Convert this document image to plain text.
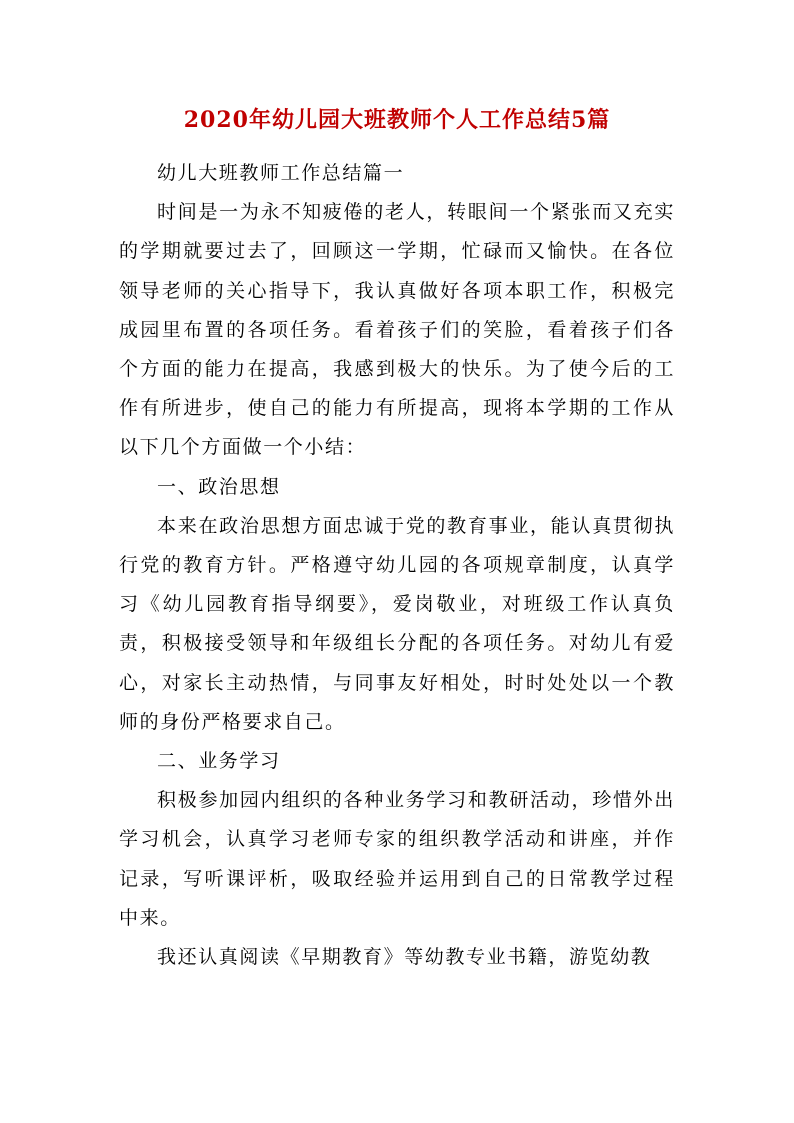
2020年幼儿园大班教师个人工作总结5篇

幼儿大班教师工作总结篇一

时间是一为永不知疲倦的老人，转眼间一个紧张而又充实的学期就要过去了，回顾这一学期，忙碌而又愉快。在各位领导老师的关心指导下，我认真做好各项本职工作，积极完成园里布置的各项任务。看着孩子们的笑脸，看着孩子们各个方面的能力在提高，我感到极大的快乐。为了使今后的工作有所进步，使自己的能力有所提高，现将本学期的工作从以下几个方面做一个小结：

一、政治思想

本来在政治思想方面忠诚于党的教育事业，能认真贯彻执行党的教育方针。严格遵守幼儿园的各项规章制度，认真学习《幼儿园教育指导纲要》，爱岗敬业，对班级工作认真负责，积极接受领导和年级组长分配的各项任务。对幼儿有爱心，对家长主动热情，与同事友好相处，时时处处以一个教师的身份严格要求自己。

二、业务学习

积极参加园内组织的各种业务学习和教研活动，珍惜外出学习机会，认真学习老师专家的组织教学活动和讲座，并作记录，写听课评析，吸取经验并运用到自己的日常教学过程中来。

我还认真阅读《早期教育》等幼教专业书籍，游览幼教
